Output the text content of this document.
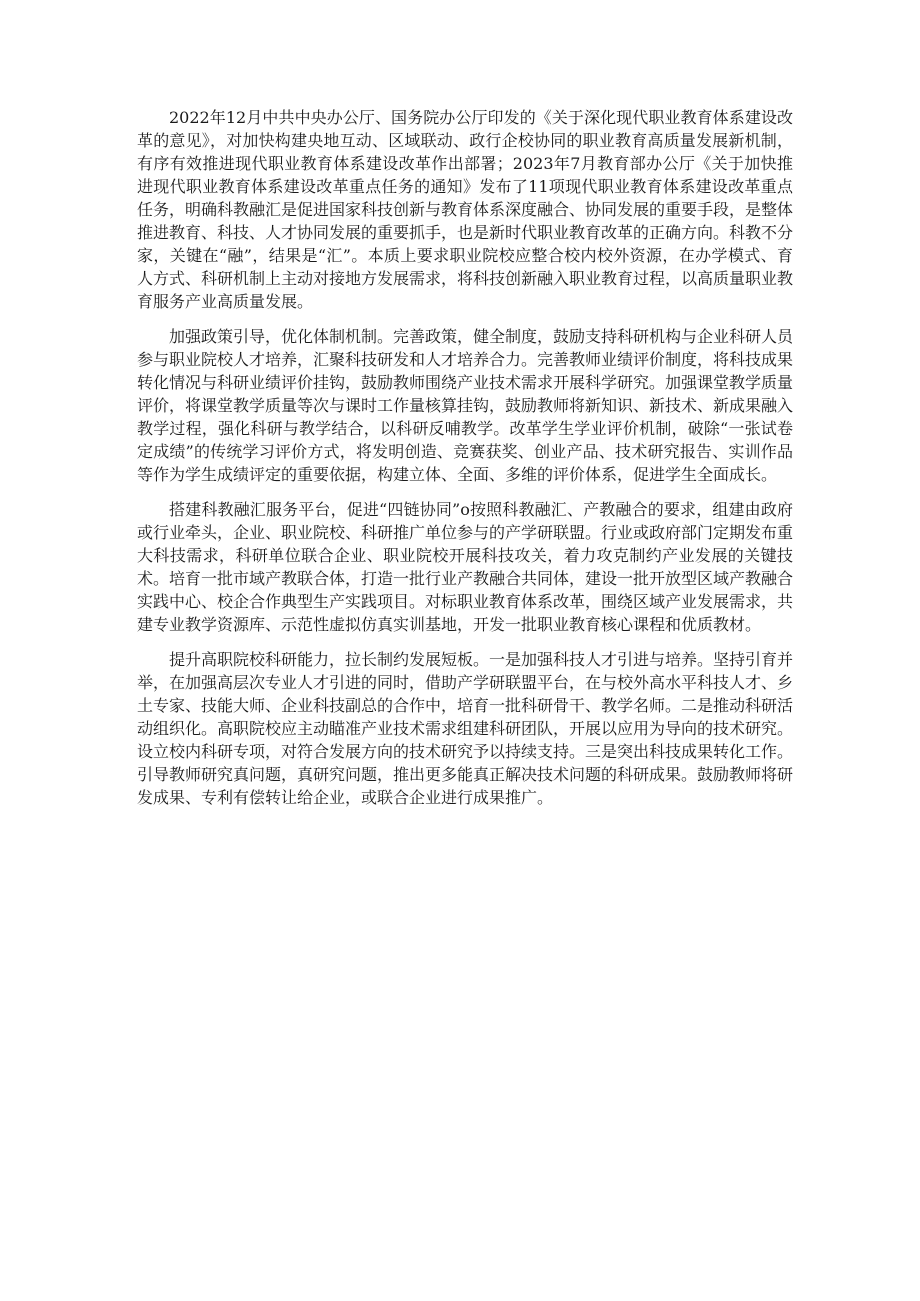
2022年12月中共中央办公厅、国务院办公厅印发的《关于深化现代职业教育体系建设改革的意见》，对加快构建央地互动、区域联动、政行企校协同的职业教育高质量发展新机制，有序有效推进现代职业教育体系建设改革作出部署；2023年7月教育部办公厅《关于加快推进现代职业教育体系建设改革重点任务的通知》发布了11项现代职业教育体系建设改革重点任务，明确科教融汇是促进国家科技创新与教育体系深度融合、协同发展的重要手段，是整体推进教育、科技、人才协同发展的重要抓手，也是新时代职业教育改革的正确方向。科教不分家，关键在“融”，结果是“汇”。本质上要求职业院校应整合校内校外资源，在办学模式、育人方式、科研机制上主动对接地方发展需求，将科技创新融入职业教育过程，以高质量职业教育服务产业高质量发展。

加强政策引导，优化体制机制。完善政策，健全制度，鼓励支持科研机构与企业科研人员参与职业院校人才培养，汇聚科技研发和人才培养合力。完善教师业绩评价制度，将科技成果转化情况与科研业绩评价挂钩，鼓励教师围绕产业技术需求开展科学研究。加强课堂教学质量评价，将课堂教学质量等次与课时工作量核算挂钩，鼓励教师将新知识、新技术、新成果融入教学过程，强化科研与教学结合，以科研反哺教学。改革学生学业评价机制，破除“一张试卷定成绩”的传统学习评价方式，将发明创造、竞赛获奖、创业产品、技术研究报告、实训作品等作为学生成绩评定的重要依据，构建立体、全面、多维的评价体系，促进学生全面成长。

搭建科教融汇服务平台，促进“四链协同”o按照科教融汇、产教融合的要求，组建由政府或行业牵头，企业、职业院校、科研推广单位参与的产学研联盟。行业或政府部门定期发布重大科技需求，科研单位联合企业、职业院校开展科技攻关，着力攻克制约产业发展的关键技术。培育一批市域产教联合体，打造一批行业产教融合共同体，建设一批开放型区域产教融合实践中心、校企合作典型生产实践项目。对标职业教育体系改革，围绕区域产业发展需求，共建专业教学资源库、示范性虚拟仿真实训基地，开发一批职业教育核心课程和优质教材。

提升高职院校科研能力，拉长制约发展短板。一是加强科技人才引进与培养。坚持引育并举，在加强高层次专业人才引进的同时，借助产学研联盟平台，在与校外高水平科技人才、乡土专家、技能大师、企业科技副总的合作中，培育一批科研骨干、教学名师。二是推动科研活动组织化。高职院校应主动瞄准产业技术需求组建科研团队，开展以应用为导向的技术研究。设立校内科研专项，对符合发展方向的技术研究予以持续支持。三是突出科技成果转化工作。引导教师研究真问题，真研究问题，推出更多能真正解决技术问题的科研成果。鼓励教师将研发成果、专利有偿转让给企业，或联合企业进行成果推广。
